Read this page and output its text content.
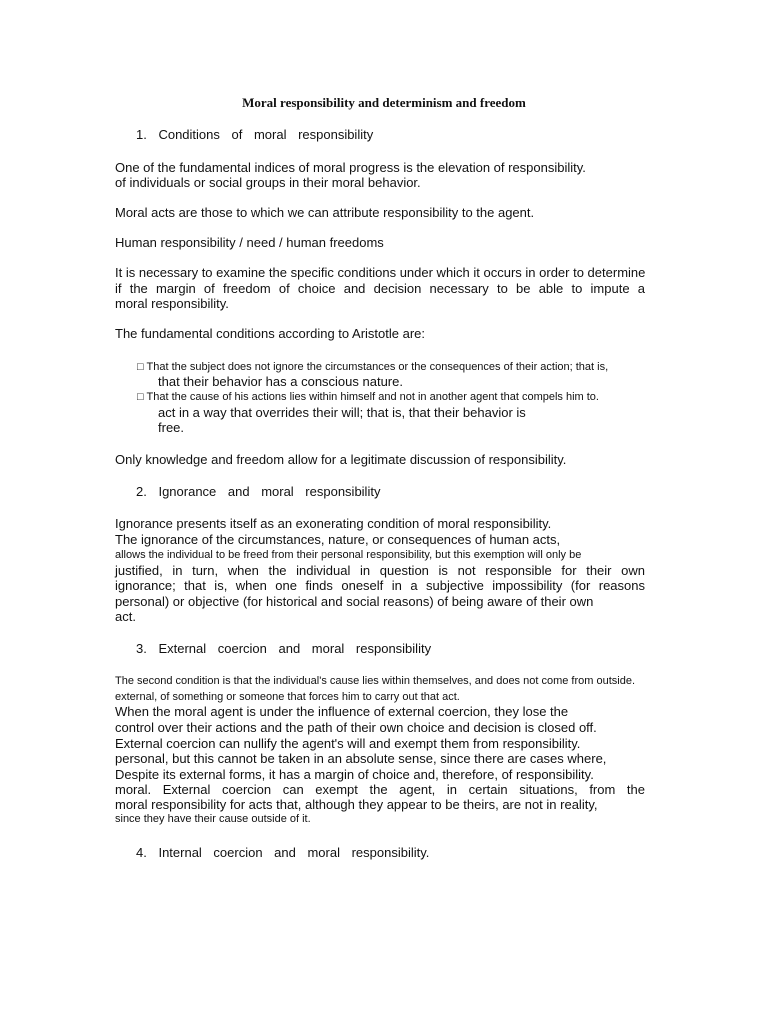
Moral responsibility and determinism and freedom
1. Conditions of moral responsibility
One of the fundamental indices of moral progress is the elevation of responsibility.
of individuals or social groups in their moral behavior.
Moral acts are those to which we can attribute responsibility to the agent.
Human responsibility / need / human freedoms
It is necessary to examine the specific conditions under which it occurs in order to determine
if the margin of freedom of choice and decision necessary to be able to impute a
moral responsibility.
The fundamental conditions according to Aristotle are:
□ That the subject does not ignore the circumstances or the consequences of their action; that is,
that their behavior has a conscious nature.
□ That the cause of his actions lies within himself and not in another agent that compels him to.
act in a way that overrides their will; that is, that their behavior is
free.
Only knowledge and freedom allow for a legitimate discussion of responsibility.
2. Ignorance and moral responsibility
Ignorance presents itself as an exonerating condition of moral responsibility.
The ignorance of the circumstances, nature, or consequences of human acts,
allows the individual to be freed from their personal responsibility, but this exemption will only be
justified, in turn, when the individual in question is not responsible for their own
ignorance; that is, when one finds oneself in a subjective impossibility (for reasons
personal) or objective (for historical and social reasons) of being aware of their own
act.
3. External coercion and moral responsibility
The second condition is that the individual's cause lies within themselves, and does not come from outside.
external, of something or someone that forces him to carry out that act.
When the moral agent is under the influence of external coercion, they lose the
control over their actions and the path of their own choice and decision is closed off.
External coercion can nullify the agent's will and exempt them from responsibility.
personal, but this cannot be taken in an absolute sense, since there are cases where,
Despite its external forms, it has a margin of choice and, therefore, of responsibility.
moral. External coercion can exempt the agent, in certain situations, from the
moral responsibility for acts that, although they appear to be theirs, are not in reality,
since they have their cause outside of it.
4. Internal coercion and moral responsibility.
